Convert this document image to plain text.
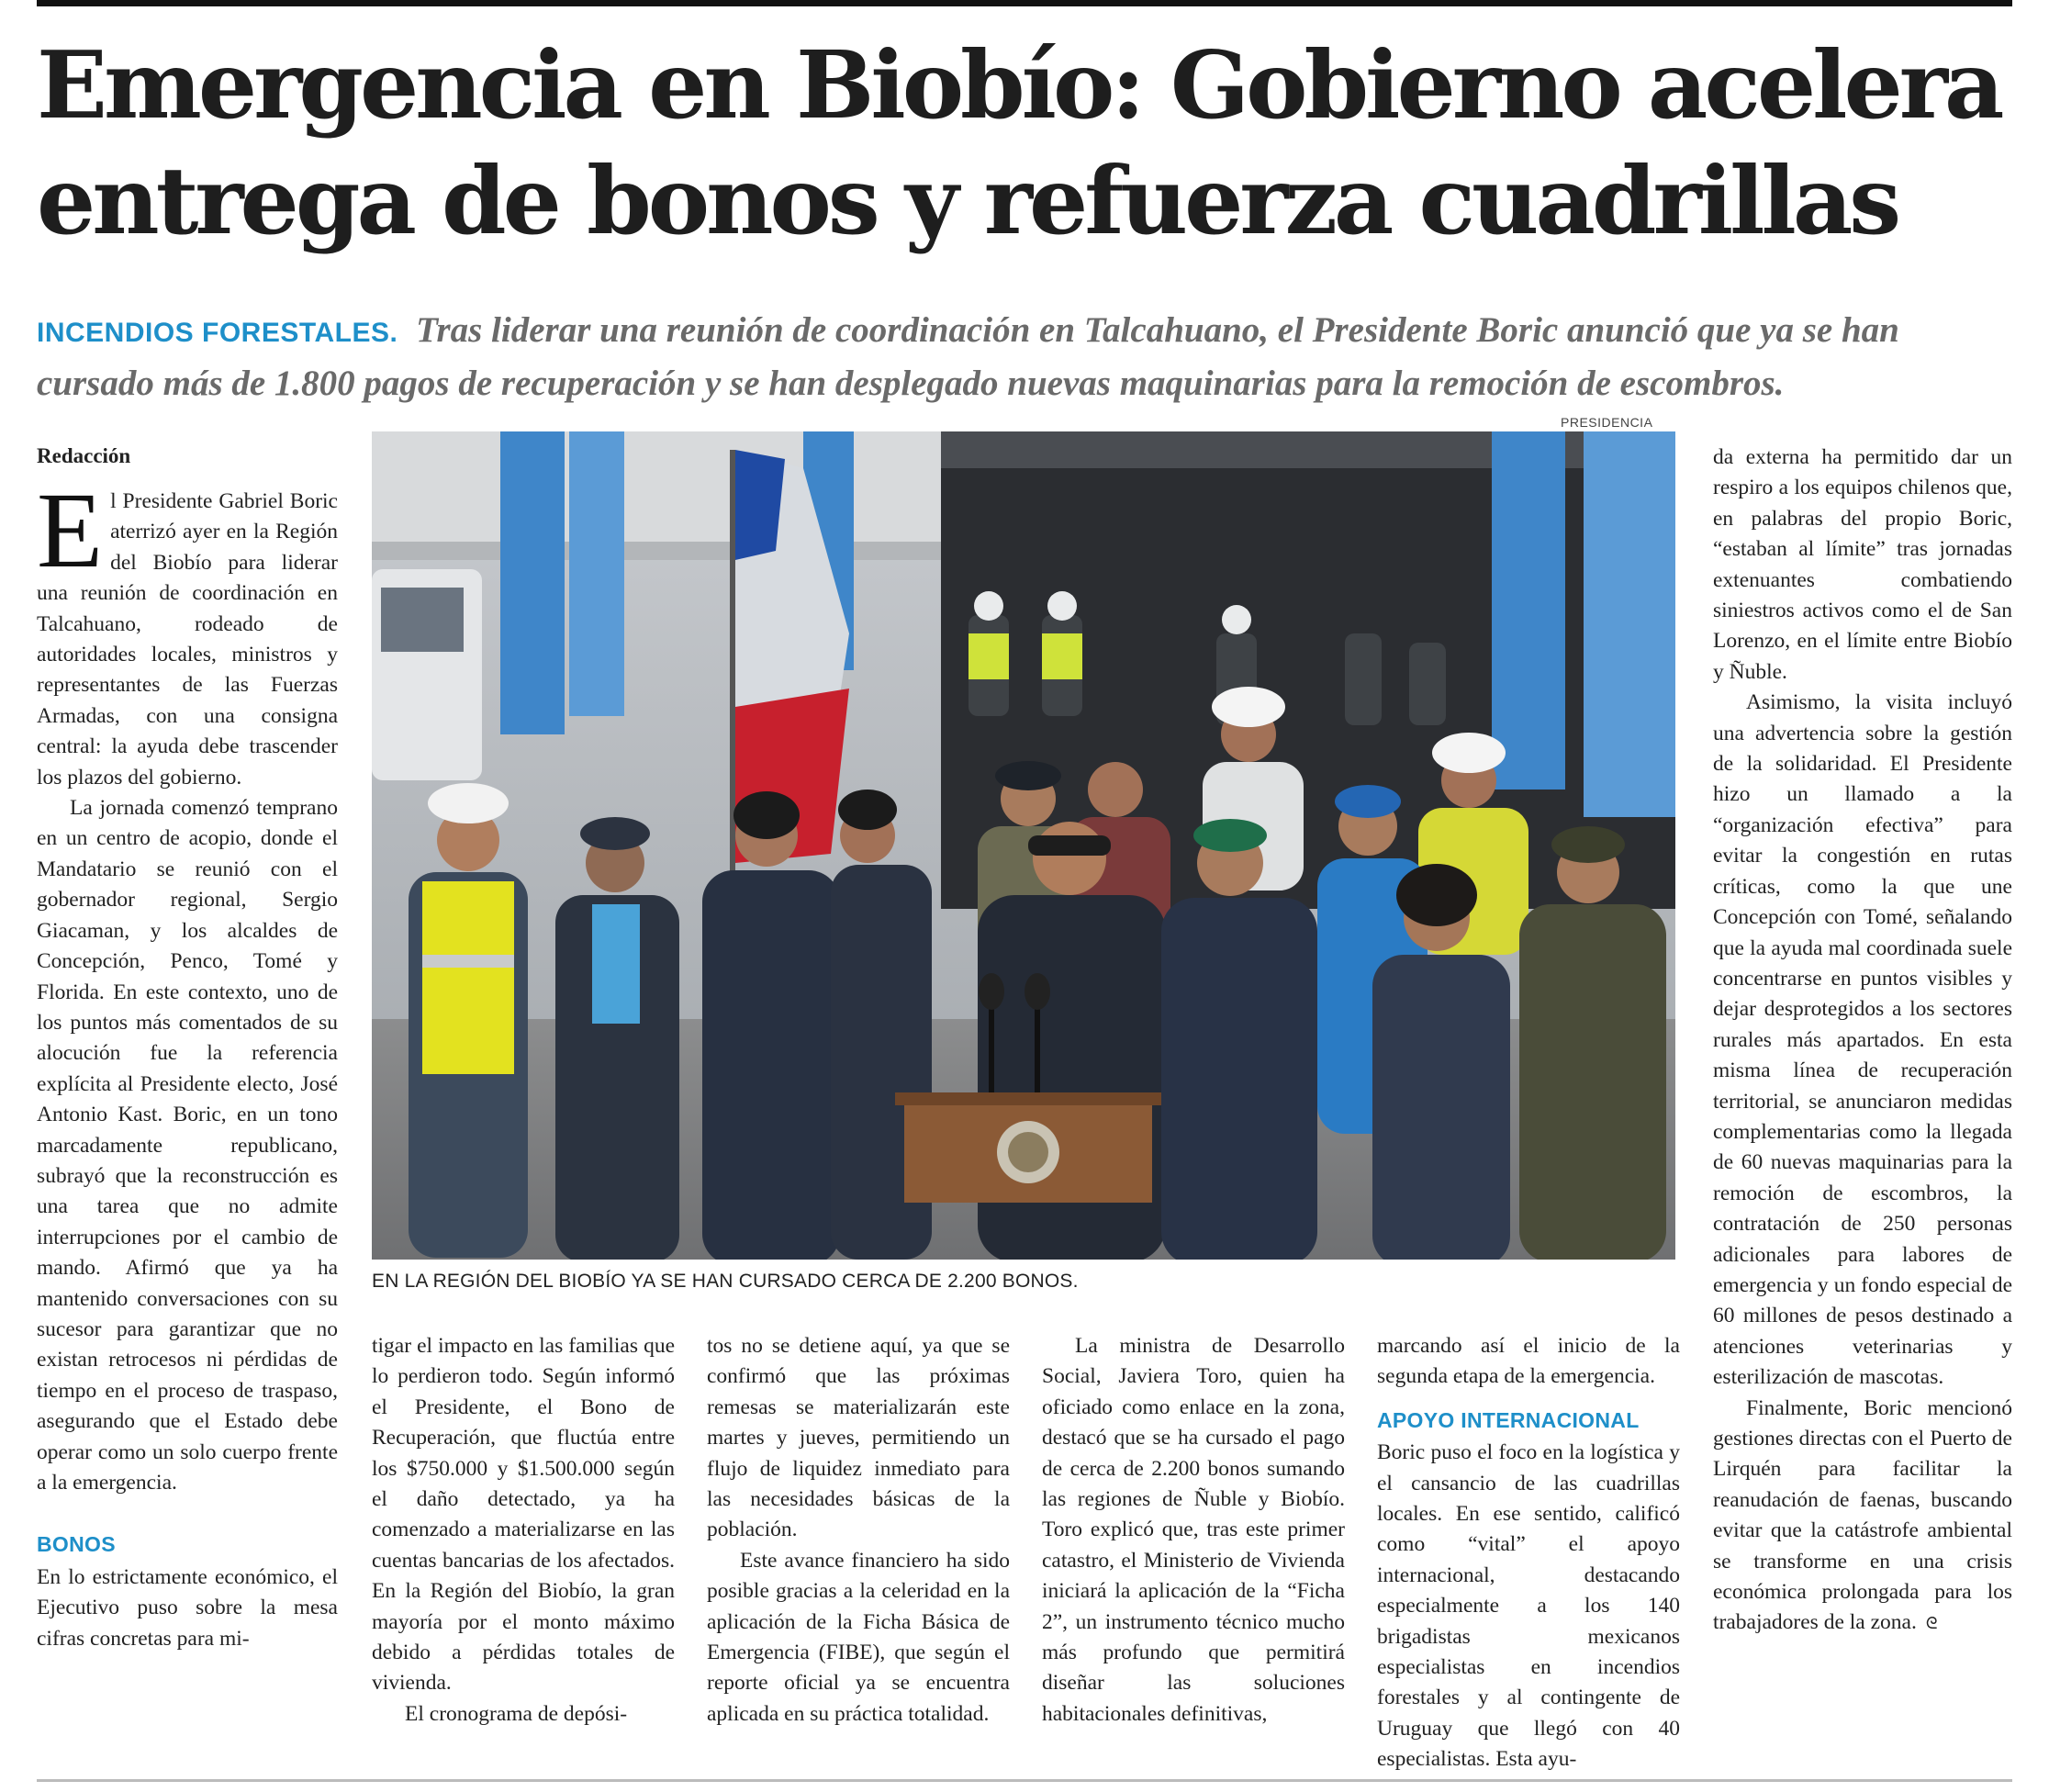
Emergencia en Biobío: Gobierno acelera
entrega de bonos y refuerza cuadrillas

INCENDIOS FORESTALES. Tras liderar una reunión de coordinación en Talcahuano, el Presidente Boric anunció que ya se han cursado más de 1.800 pagos de recuperación y se han desplegado nuevas maquinarias para la remoción de escombros.

Redacción

El Presidente Gabriel Boric aterrizó ayer en la Región del Biobío para liderar una reunión de coordinación en Talcahuano, rodeado de autoridades locales, ministros y representantes de las Fuerzas Armadas, con una consigna central: la ayuda debe trascender los plazos del gobierno.

La jornada comenzó temprano en un centro de acopio, donde el Mandatario se reunió con el gobernador regional, Sergio Giacaman, y los alcaldes de Concepción, Penco, Tomé y Florida. En este contexto, uno de los puntos más comentados de su alocución fue la referencia explícita al Presidente electo, José Antonio Kast. Boric, en un tono marcadamente republicano, subrayó que la reconstrucción es una tarea que no admite interrupciones por el cambio de mando. Afirmó que ya ha mantenido conversaciones con su sucesor para garantizar que no existan retrocesos ni pérdidas de tiempo en el proceso de traspaso, asegurando que el Estado debe operar como un solo cuerpo frente a la emergencia.

BONOS

En lo estrictamente económico, el Ejecutivo puso sobre la mesa cifras concretas para mi-

PRESIDENCIA
EN LA REGIÓN DEL BIOBÍO YA SE HAN CURSADO CERCA DE 2.200 BONOS.

tigar el impacto en las familias que lo perdieron todo. Según informó el Presidente, el Bono de Recuperación, que fluctúa entre los $750.000 y $1.500.000 según el daño detectado, ya ha comenzado a materializarse en las cuentas bancarias de los afectados. En la Región del Biobío, la gran mayoría por el monto máximo debido a pérdidas totales de vivienda.

El cronograma de depósi-

tos no se detiene aquí, ya que se confirmó que las próximas remesas se materializarán este martes y jueves, permitiendo un flujo de liquidez inmediato para las necesidades básicas de la población.

Este avance financiero ha sido posible gracias a la celeridad en la aplicación de la Ficha Básica de Emergencia (FIBE), que según el reporte oficial ya se encuentra aplicada en su práctica totalidad.

La ministra de Desarrollo Social, Javiera Toro, quien ha oficiado como enlace en la zona, destacó que se ha cursado el pago de cerca de 2.200 bonos sumando las regiones de Ñuble y Biobío. Toro explicó que, tras este primer catastro, el Ministerio de Vivienda iniciará la aplicación de la “Ficha 2”, un instrumento técnico mucho más profundo que permitirá diseñar las soluciones habitacionales definitivas,

marcando así el inicio de la segunda etapa de la emergencia.

APOYO INTERNACIONAL

Boric puso el foco en la logística y el cansancio de las cuadrillas locales. En ese sentido, calificó como “vital” el apoyo internacional, destacando especialmente a los 140 brigadistas mexicanos especialistas en incendios forestales y al contingente de Uruguay que llegó con 40 especialistas. Esta ayu-

da externa ha permitido dar un respiro a los equipos chilenos que, en palabras del propio Boric, “estaban al límite” tras jornadas extenuantes combatiendo siniestros activos como el de San Lorenzo, en el límite entre Biobío y Ñuble.

Asimismo, la visita incluyó una advertencia sobre la gestión de la solidaridad. El Presidente hizo un llamado a la “organización efectiva” para evitar la congestión en rutas críticas, como la que une Concepción con Tomé, señalando que la ayuda mal coordinada suele concentrarse en puntos visibles y dejar desprotegidos a los sectores rurales más apartados. En esta misma línea de recuperación territorial, se anunciaron medidas complementarias como la llegada de 60 nuevas maquinarias para la remoción de escombros, la contratación de 250 personas adicionales para labores de emergencia y un fondo especial de 60 millones de pesos destinado a atenciones veterinarias y esterilización de mascotas.

Finalmente, Boric mencionó gestiones directas con el Puerto de Lirquén para facilitar la reanudación de faenas, buscando evitar que la catástrofe ambiental se transforme en una crisis económica prolongada para los trabajadores de la zona. ᘓ
